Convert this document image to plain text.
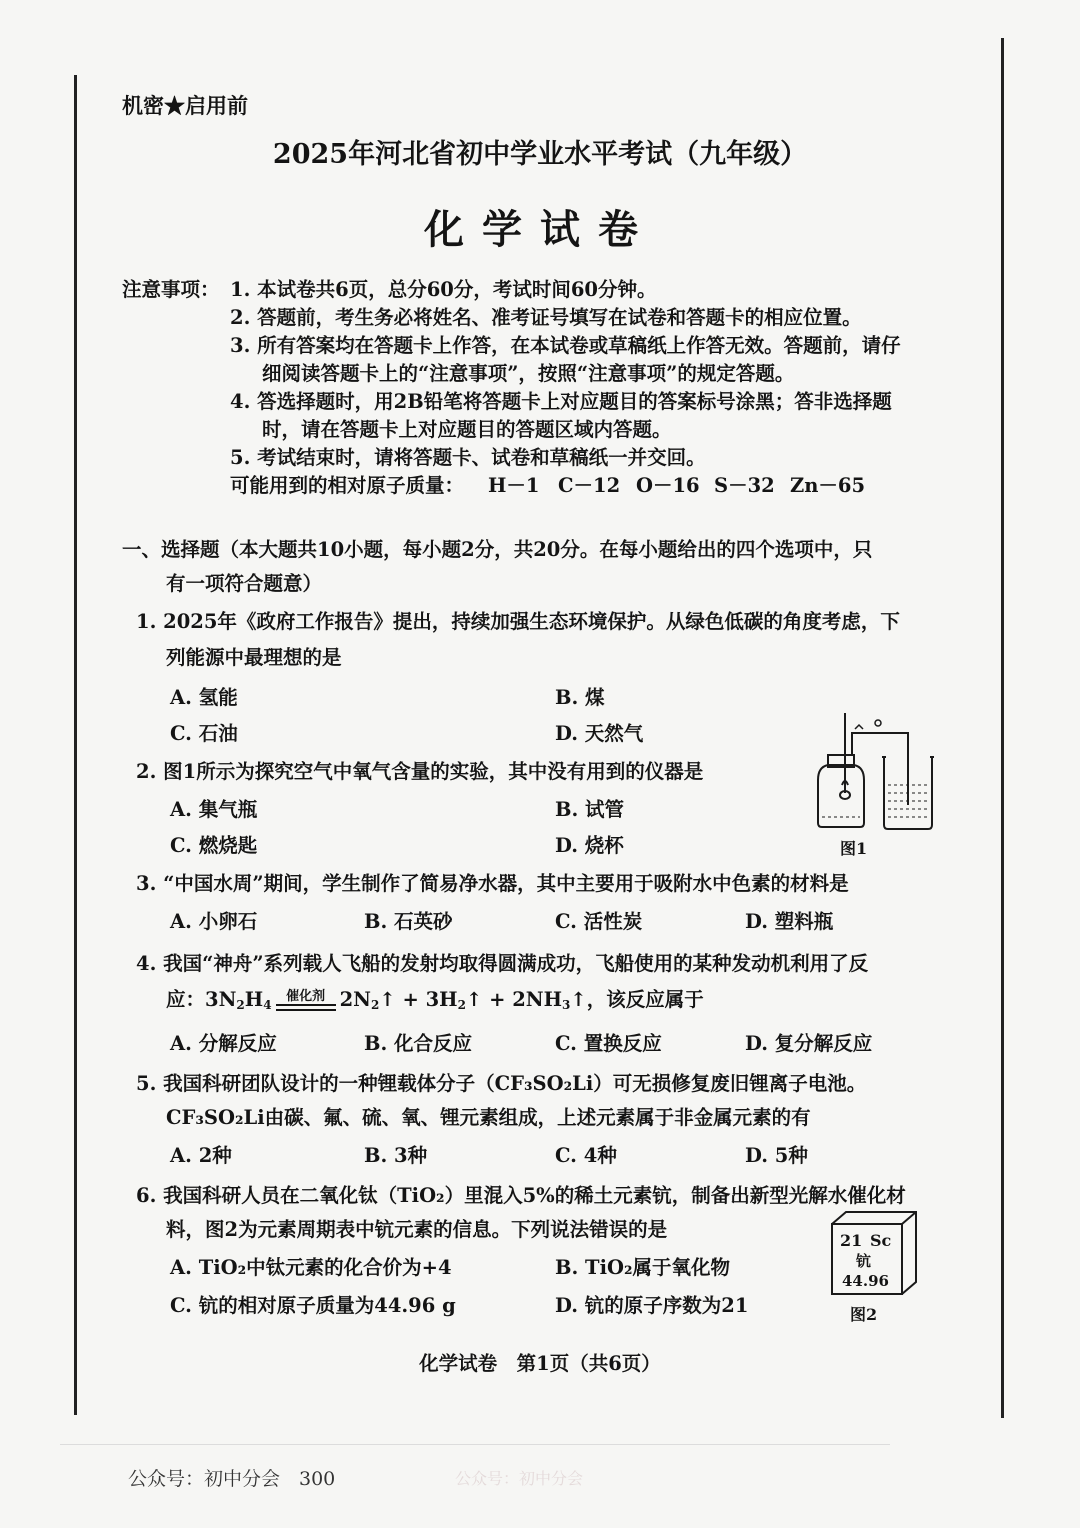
机密★启用前
2025年河北省初中学业水平考试（九年级）
化学试卷
注意事项： 1. 本试卷共6页，总分60分，考试时间60分钟。
2. 答题前，考生务必将姓名、准考证号填写在试卷和答题卡的相应位置。
3. 所有答案均在答题卡上作答，在本试卷或草稿纸上作答无效。答题前，请仔
细阅读答题卡上的“注意事项”，按照“注意事项”的规定答题。
4. 答选择题时，用2B铅笔将答题卡上对应题目的答案标号涂黑；答非选择题
时，请在答题卡上对应题目的答题区域内答题。
5. 考试结束时，请将答题卡、试卷和草稿纸一并交回。
可能用到的相对原子质量： H－1 C－12 O－16 S－32 Zn－65
一、选择题（本大题共10小题，每小题2分，共20分。在每小题给出的四个选项中，只
有一项符合题意）
1. 2025年《政府工作报告》提出，持续加强生态环境保护。从绿色低碳的角度考虑，下
列能源中最理想的是
A. 氢能	B. 煤
C. 石油	D. 天然气
2. 图1所示为探究空气中氧气含量的实验，其中没有用到的仪器是
A. 集气瓶	B. 试管
C. 燃烧匙	D. 烧杯	图1
3. “中国水周”期间，学生制作了简易净水器，其中主要用于吸附水中色素的材料是
A. 小卵石	B. 石英砂	C. 活性炭	D. 塑料瓶
4. 我国“神舟”系列载人飞船的发射均取得圆满成功，飞船使用的某种发动机利用了反
应：$3N_2H_4$
催化剂 $2N_2↑$ + $3H_2↑$ + $2NH_3↑$，该反应属于
A. 分解反应	B. 化合反应	C. 置换反应	D. 复分解反应
5. 我国科研团队设计的一种锂载体分子（CF₃SO₂Li）可无损修复废旧锂离子电池。
CF₃SO₂Li由碳、氟、硫、氧、锂元素组成，上述元素属于非金属元素的有
A. 2种	B. 3种	C. 4种	D. 5种
6. 我国科研人员在二氧化钛（TiO₂）里混入5%的稀土元素钪，制备出新型光解水催化材
料，图2为元素周期表中钪元素的信息。下列说法错误的是
A. TiO₂中钛元素的化合价为+4	B. TiO₂属于氧化物
C. 钪的相对原子质量为44.96 g	D. 钪的原子序数为21
21 Sc
钪
44.96
图2
化学试卷　第1页（共6页）
公众号：初中分会　300	公众号：初中分会
